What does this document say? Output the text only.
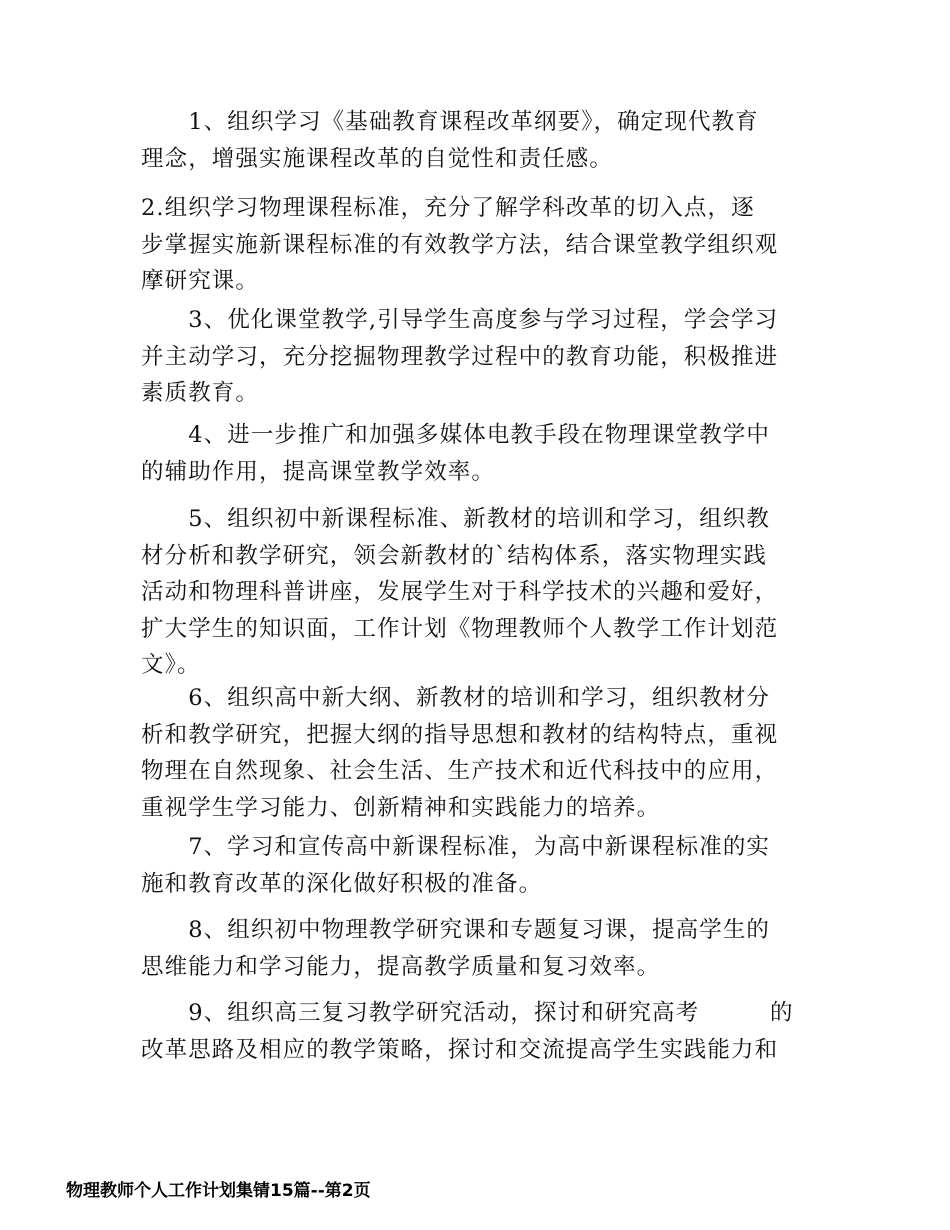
　　1、组织学习《基础教育课程改革纲要》，确定现代教育
理念，增强实施课程改革的自觉性和责任感。
2.组织学习物理课程标准，充分了解学科改革的切入点，逐
步掌握实施新课程标准的有效教学方法，结合课堂教学组织观
摩研究课。
　　3、优化课堂教学,引导学生高度参与学习过程，学会学习
并主动学习，充分挖掘物理教学过程中的教育功能，积极推进
素质教育。
　　4、进一步推广和加强多媒体电教手段在物理课堂教学中
的辅助作用，提高课堂教学效率。
　　5、组织初中新课程标准、新教材的培训和学习，组织教
材分析和教学研究，领会新教材的`结构体系，落实物理实践
活动和物理科普讲座，发展学生对于科学技术的兴趣和爱好，
扩大学生的知识面，工作计划《物理教师个人教学工作计划范
文》。
　　6、组织高中新大纲、新教材的培训和学习，组织教材分
析和教学研究，把握大纲的指导思想和教材的结构特点，重视
物理在自然现象、社会生活、生产技术和近代科技中的应用，
重视学生学习能力、创新精神和实践能力的培养。
　　7、学习和宣传高中新课程标准，为高中新课程标准的实
施和教育改革的深化做好积极的准备。
　　8、组织初中物理教学研究课和专题复习课，提高学生的
思维能力和学习能力，提高教学质量和复习效率。
　　9、组织高三复习教学研究活动，探讨和研究高考　　　的
改革思路及相应的教学策略，探讨和交流提高学生实践能力和
物理教师个人工作计划集锖15篇--第2页
